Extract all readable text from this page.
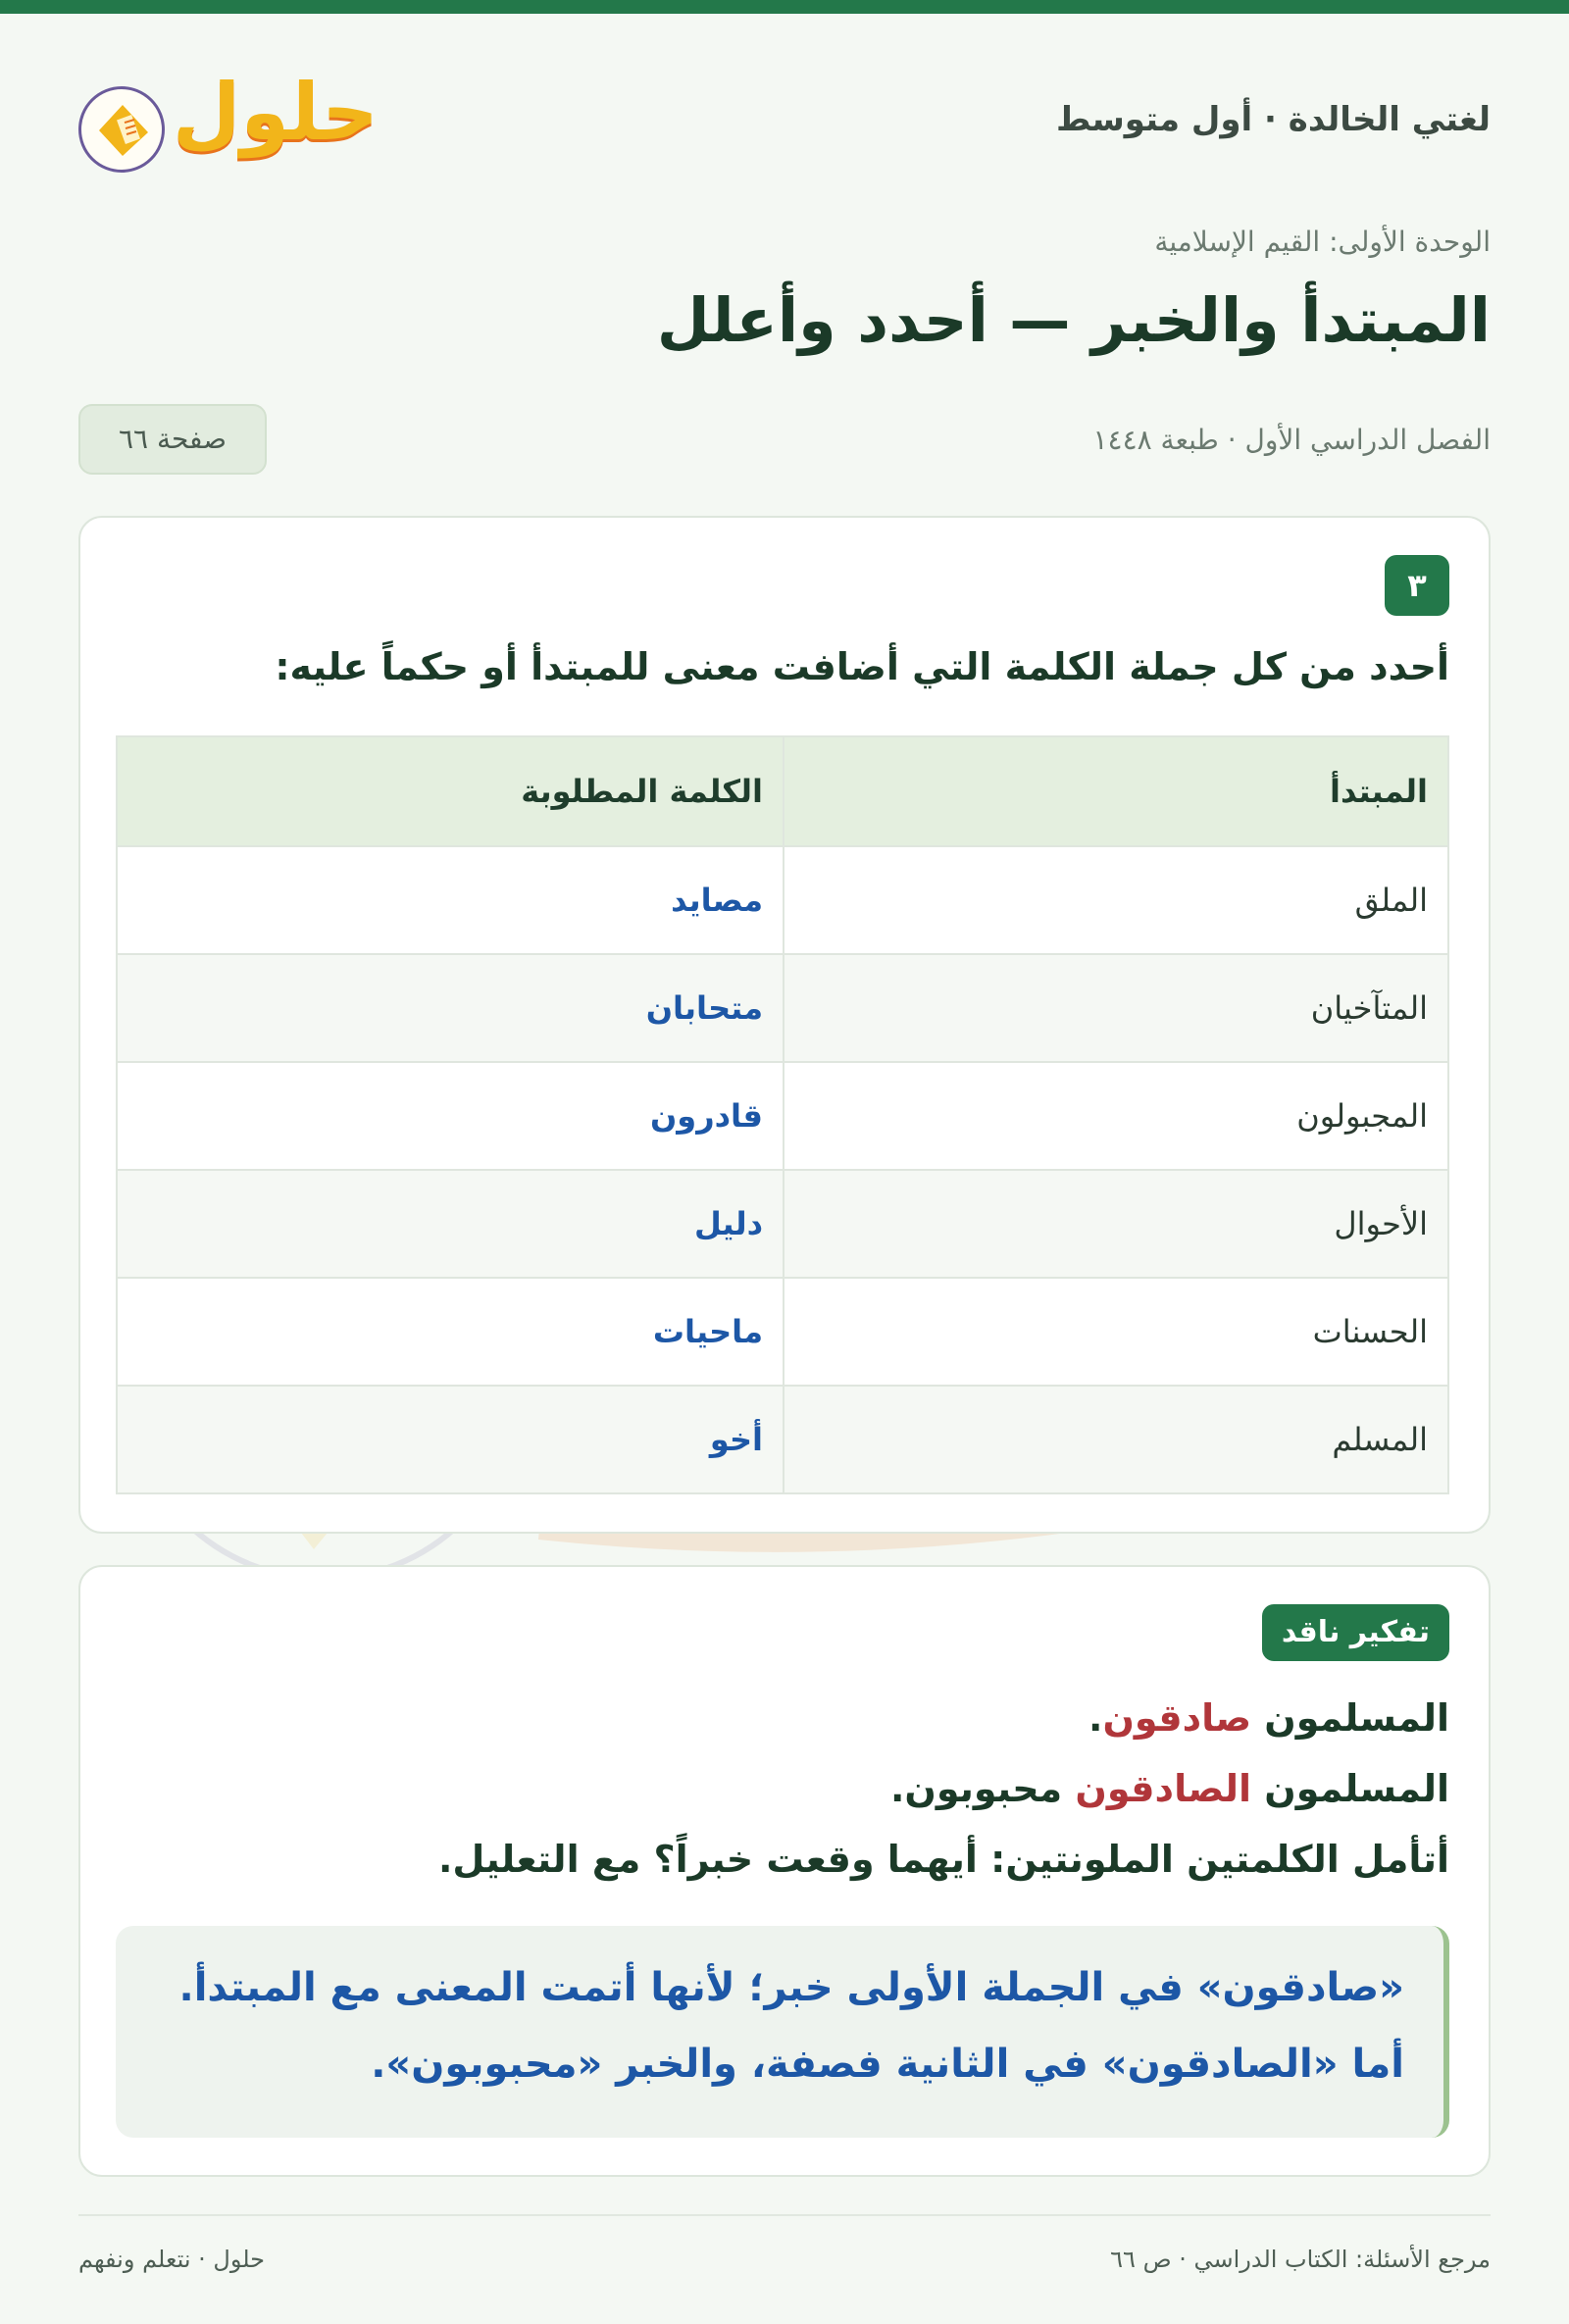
لغتي الخالدة ⋅ أول متوسط
حلول
الوحدة الأولى: القيم الإسلامية
المبتدأ والخبر — أحدد وأعلل
الفصل الدراسي الأول ⋅ طبعة ١٤٤٨
صفحة ٦٦
٣
أحدد من كل جملة الكلمة التي أضافت معنى للمبتدأ أو حكماً عليه:
المبتدأ	الكلمة المطلوبة
الملق	مصايد
المتآخيان	متحابان
المجبولون	قادرون
الأحوال	دليل
الحسنات	ماحيات
المسلم	أخو
تفكير ناقد
المسلمون صادقون.
المسلمون الصادقون محبوبون.
أتأمل الكلمتين الملونتين: أيهما وقعت خبراً؟ مع التعليل.
«صادقون» في الجملة الأولى خبر؛ لأنها أتمت المعنى مع المبتدأ.
أما «الصادقون» في الثانية فصفة، والخبر «محبوبون».
مرجع الأسئلة: الكتاب الدراسي ⋅ ص ٦٦
حلول ⋅ نتعلم ونفهم
